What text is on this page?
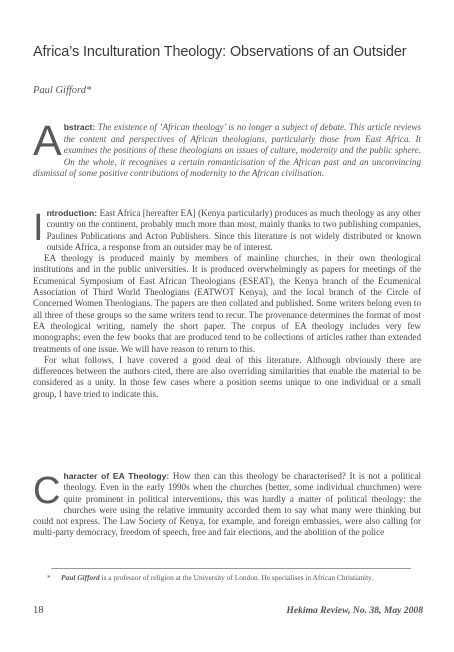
Africa’s Inculturation Theology: Observations of an Outsider
Paul Gifford*
Abstract: The existence of ‘African theology’ is no longer a subject of debate. This article reviews the content and perspectives of African theologians, particularly those from East Africa. It examines the positions of these theologians on issues of culture, modernity and the public sphere. On the whole, it recognises a certain romanticisation of the African past and an unconvincing dismissal of some positive contributions of modernity to the African civilisation.

Introduction: East Africa [hereafter EA] (Kenya particularly) produces as much theology as any other country on the continent, probably much more than most, mainly thanks to two publishing companies, Paulines Publications and Acton Publishers. Since this literature is not widely distributed or known outside Africa, a response from an outsider may be of interest.

EA theology is produced mainly by members of mainline churches, in their own theological institutions and in the public universities. It is produced overwhelmingly as papers for meetings of the Ecumenical Symposium of East African Theologians (ESEAT), the Kenya branch of the Ecumenical Association of Third World Theologians (EATWOT Kenya), and the local branch of the Circle of Concerned Women Theologians. The papers are then collated and published. Some writers belong even to all three of these groups so the same writers tend to recur. The provenance determines the format of most EA theological writing, namely the short paper. The corpus of EA theology includes very few monographs; even the few books that are produced tend to be collections of articles rather than extended treatments of one issue. We will have reason to return to this.

For what follows, I have covered a good deal of this literature. Although obviously there are differences between the authors cited, there are also overriding similarities that enable the material to be considered as a unity. In those few cases where a position seems unique to one individual or a small group, I have tried to indicate this.

Character of EA Theology: How then can this theology be characterised? It is not a political theology. Even in the early 1990s when the churches (better, some individual churchmen) were quite prominent in political interventions, this was hardly a matter of political theology: the churches were using the relative immunity accorded them to say what many were thinking but could not express. The Law Society of Kenya, for example, and foreign embassies, were also calling for multi-party democracy, freedom of speech, free and fair elections, and the abolition of the police

*	Paul Gifford is a professor of religion at the University of London. He specialises in African Christianity.
18	Hekima Review, No. 38, May 2008
